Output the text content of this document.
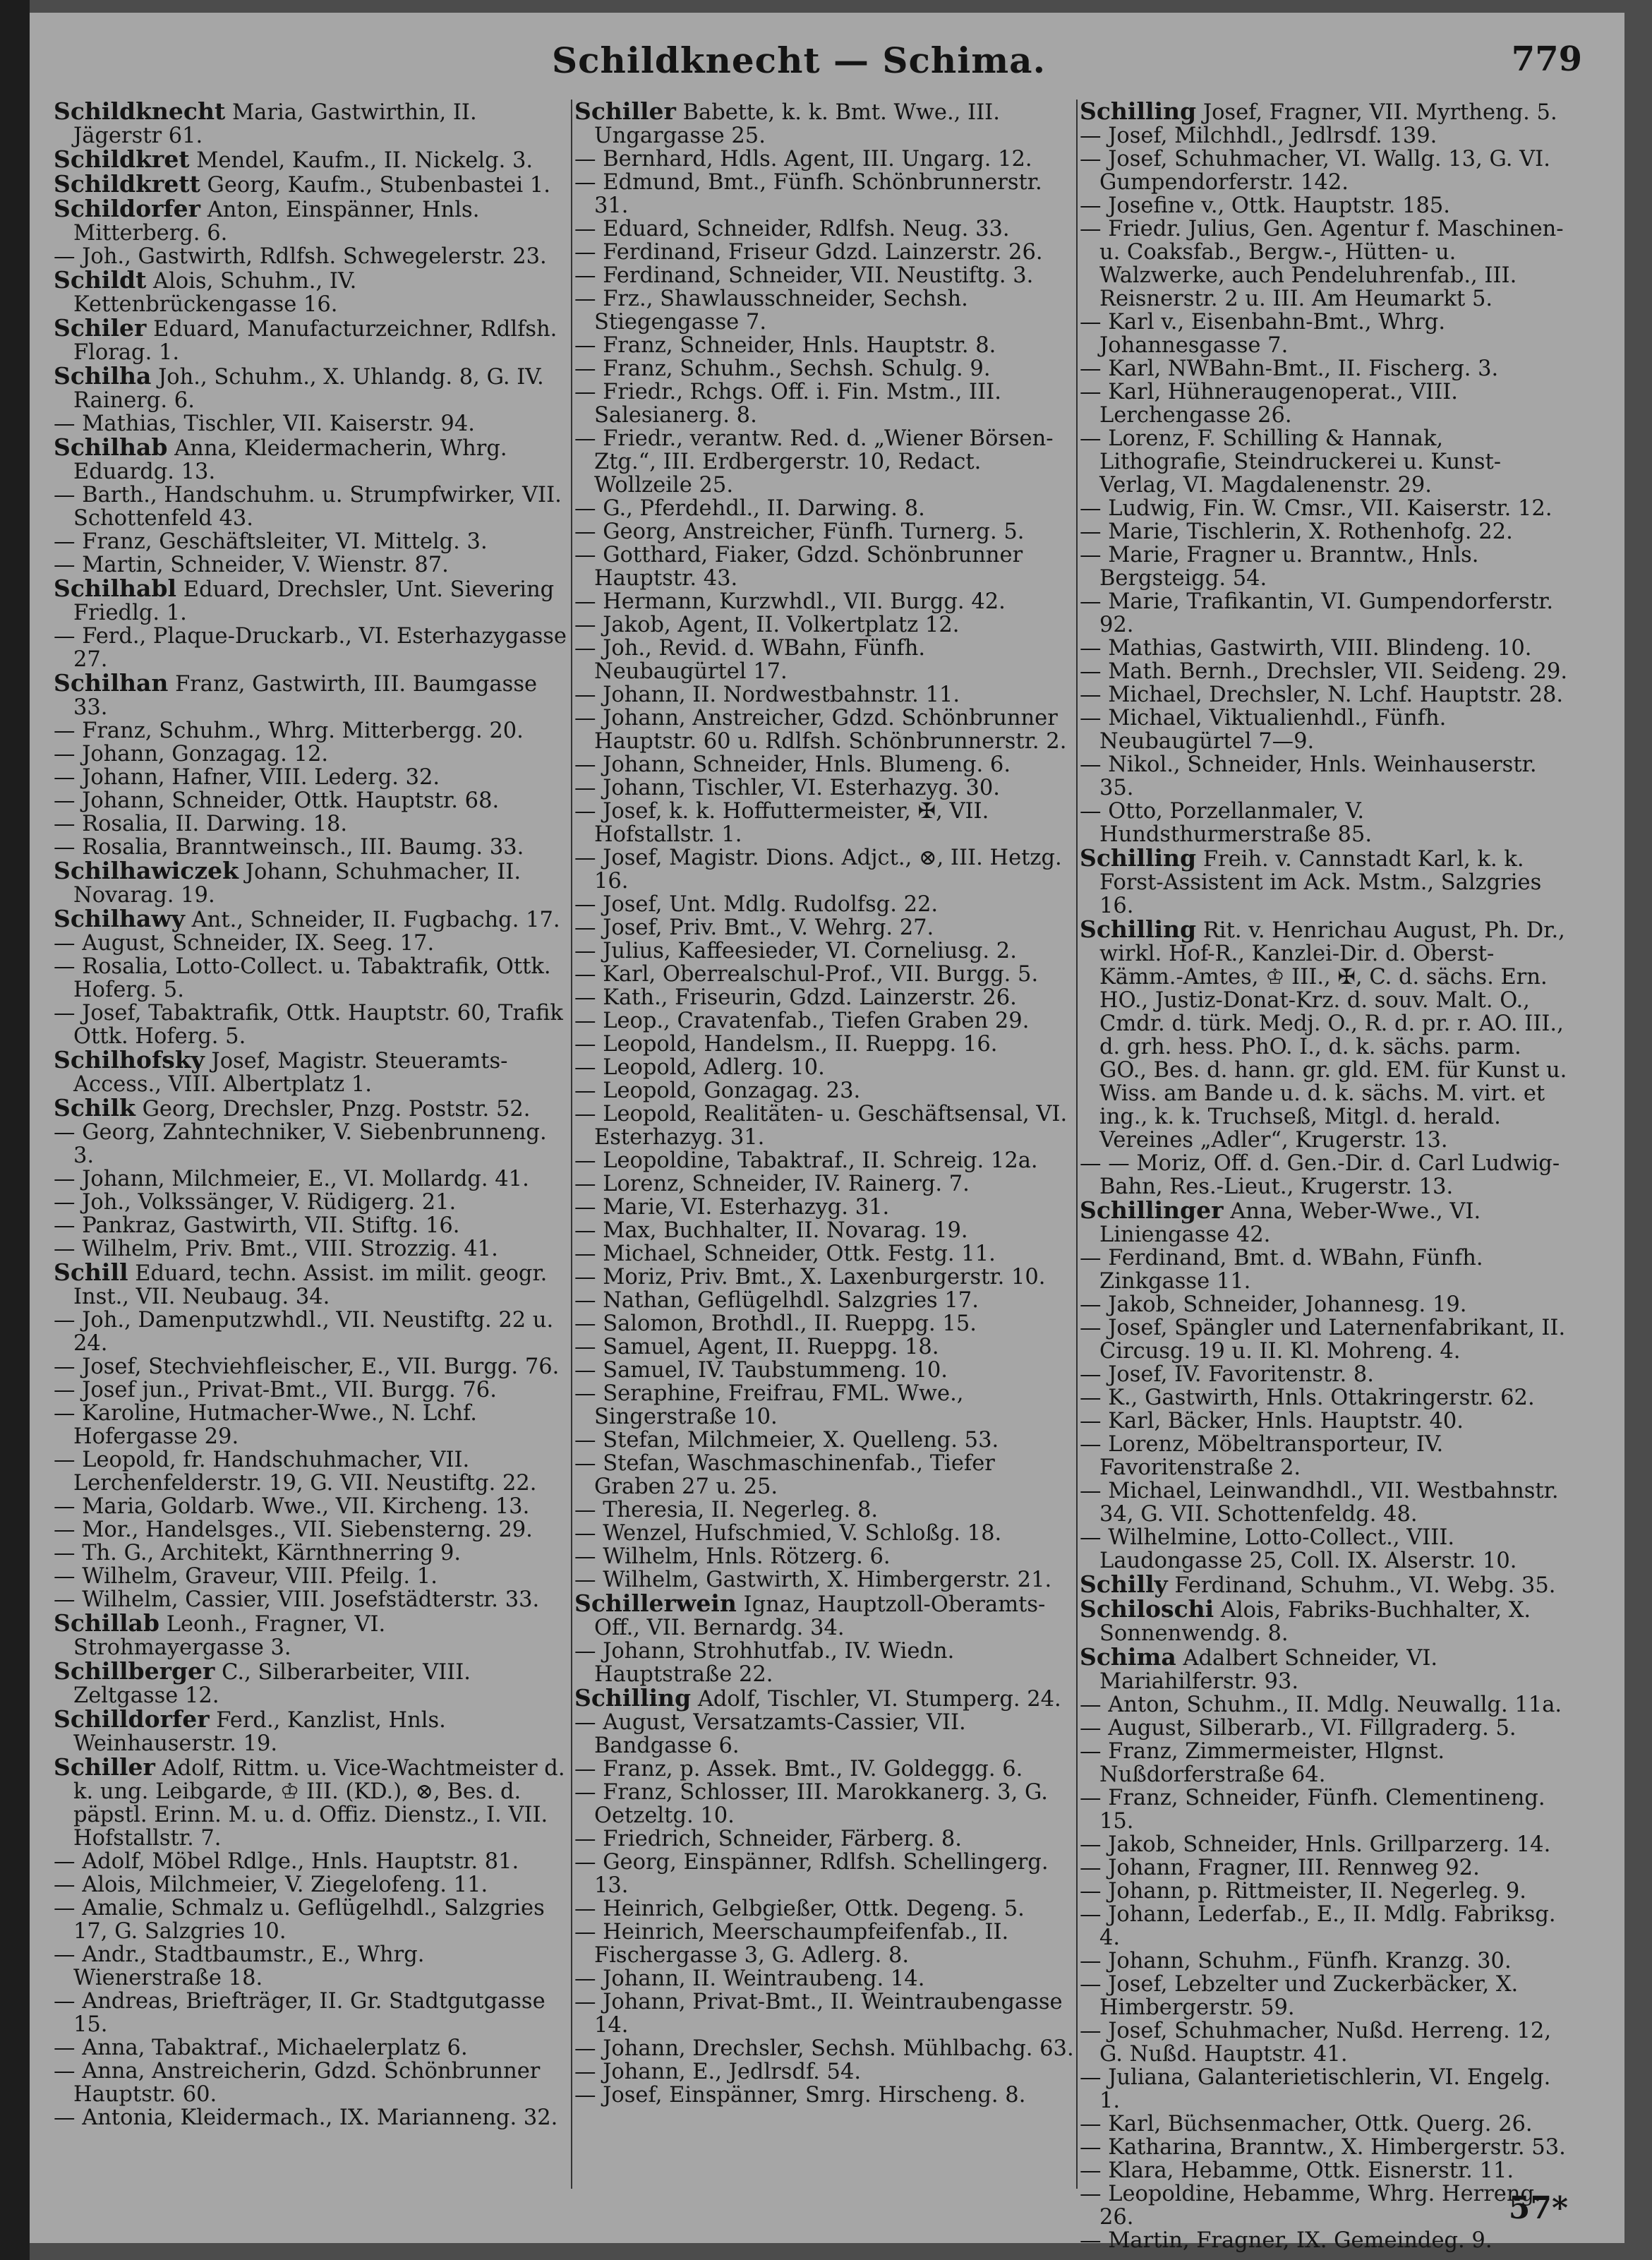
Schildknecht — Schima.	779
Schildknecht Maria, Gastwirthin, II. Jägerstr 61.
Schildkret Mendel, Kaufm., II. Nickelg. 3.
Schildkrett Georg, Kaufm., Stubenbastei 1.
Schildorfer Anton, Einspänner, Hnls. Mitterberg. 6.
— Joh., Gastwirth, Rdlfsh. Schwegelerstr. 23.
Schildt Alois, Schuhm., IV. Kettenbrückengasse 16.
Schiler Eduard, Manufacturzeichner, Rdlfsh. Florag. 1.
Schilha Joh., Schuhm., X. Uhlandg. 8, G. IV. Rainerg. 6.
— Mathias, Tischler, VII. Kaiserstr. 94.
Schilhab Anna, Kleidermacherin, Whrg. Eduardg. 13.
— Barth., Handschuhm. u. Strumpfwirker, VII. Schottenfeld 43.
— Franz, Geschäftsleiter, VI. Mittelg. 3.
— Martin, Schneider, V. Wienstr. 87.
Schilhabl Eduard, Drechsler, Unt. Sievering Friedlg. 1.
— Ferd., Plaque-Druckarb., VI. Esterhazygasse 27.
Schilhan Franz, Gastwirth, III. Baumgasse 33.
— Franz, Schuhm., Whrg. Mitterbergg. 20.
— Johann, Gonzagag. 12.
— Johann, Hafner, VIII. Lederg. 32.
— Johann, Schneider, Ottk. Hauptstr. 68.
— Rosalia, II. Darwing. 18.
— Rosalia, Branntweinsch., III. Baumg. 33.
Schilhawiczek Johann, Schuhmacher, II. Novarag. 19.
Schilhawy Ant., Schneider, II. Fugbachg. 17.
— August, Schneider, IX. Seeg. 17.
— Rosalia, Lotto-Collect. u. Tabaktrafik, Ottk. Hoferg. 5.
— Josef, Tabaktrafik, Ottk. Hauptstr. 60, Trafik Ottk. Hoferg. 5.
Schilhofsky Josef, Magistr. Steueramts-Access., VIII. Albertplatz 1.
Schilk Georg, Drechsler, Pnzg. Poststr. 52.
— Georg, Zahntechniker, V. Siebenbrunneng. 3.
— Johann, Milchmeier, E., VI. Mollardg. 41.
— Joh., Volkssänger, V. Rüdigerg. 21.
— Pankraz, Gastwirth, VII. Stiftg. 16.
— Wilhelm, Priv. Bmt., VIII. Strozzig. 41.
Schill Eduard, techn. Assist. im milit. geogr. Inst., VII. Neubaug. 34.
— Joh., Damenputzwhdl., VII. Neustiftg. 22 u. 24.
— Josef, Stechviehfleischer, E., VII. Burgg. 76.
— Josef jun., Privat-Bmt., VII. Burgg. 76.
— Karoline, Hutmacher-Wwe., N. Lchf. Hofergasse 29.
— Leopold, fr. Handschuhmacher, VII. Lerchenfelderstr. 19, G. VII. Neustiftg. 22.
— Maria, Goldarb. Wwe., VII. Kircheng. 13.
— Mor., Handelsges., VII. Siebensterng. 29.
— Th. G., Architekt, Kärnthnerring 9.
— Wilhelm, Graveur, VIII. Pfeilg. 1.
— Wilhelm, Cassier, VIII. Josefstädterstr. 33.
Schillab Leonh., Fragner, VI. Strohmayergasse 3.
Schillberger C., Silberarbeiter, VIII. Zeltgasse 12.
Schilldorfer Ferd., Kanzlist, Hnls. Weinhauserstr. 19.
Schiller Adolf, Rittm. u. Vice-Wachtmeister d. k. ung. Leibgarde, ♔ III. (KD.), ⊗, Bes. d. päpstl. Erinn. M. u. d. Offiz. Dienstz., I. VII. Hofstallstr. 7.
— Adolf, Möbel Rdlge., Hnls. Hauptstr. 81.
— Alois, Milchmeier, V. Ziegelofeng. 11.
— Amalie, Schmalz u. Geflügelhdl., Salzgries 17, G. Salzgries 10.
— Andr., Stadtbaumstr., E., Whrg. Wienerstraße 18.
— Andreas, Briefträger, II. Gr. Stadtgutgasse 15.
— Anna, Tabaktraf., Michaelerplatz 6.
— Anna, Anstreicherin, Gdzd. Schönbrunner Hauptstr. 60.
— Antonia, Kleidermach., IX. Marianneng. 32.
Schiller Babette, k. k. Bmt. Wwe., III. Ungargasse 25.
— Bernhard, Hdls. Agent, III. Ungarg. 12.
— Edmund, Bmt., Fünfh. Schönbrunnerstr. 31.
— Eduard, Schneider, Rdlfsh. Neug. 33.
— Ferdinand, Friseur Gdzd. Lainzerstr. 26.
— Ferdinand, Schneider, VII. Neustiftg. 3.
— Frz., Shawlausschneider, Sechsh. Stiegengasse 7.
— Franz, Schneider, Hnls. Hauptstr. 8.
— Franz, Schuhm., Sechsh. Schulg. 9.
— Friedr., Rchgs. Off. i. Fin. Mstm., III. Salesianerg. 8.
— Friedr., verantw. Red. d. „Wiener Börsen-Ztg.“, III. Erdbergerstr. 10, Redact. Wollzeile 25.
— G., Pferdehdl., II. Darwing. 8.
— Georg, Anstreicher, Fünfh. Turnerg. 5.
— Gotthard, Fiaker, Gdzd. Schönbrunner Hauptstr. 43.
— Hermann, Kurzwhdl., VII. Burgg. 42.
— Jakob, Agent, II. Volkertplatz 12.
— Joh., Revid. d. WBahn, Fünfh. Neubaugürtel 17.
— Johann, II. Nordwestbahnstr. 11.
— Johann, Anstreicher, Gdzd. Schönbrunner Hauptstr. 60 u. Rdlfsh. Schönbrunnerstr. 2.
— Johann, Schneider, Hnls. Blumeng. 6.
— Johann, Tischler, VI. Esterhazyg. 30.
— Josef, k. k. Hoffuttermeister, ✠, VII. Hofstallstr. 1.
— Josef, Magistr. Dions. Adjct., ⊗, III. Hetzg. 16.
— Josef, Unt. Mdlg. Rudolfsg. 22.
— Josef, Priv. Bmt., V. Wehrg. 27.
— Julius, Kaffeesieder, VI. Corneliusg. 2.
— Karl, Oberrealschul-Prof., VII. Burgg. 5.
— Kath., Friseurin, Gdzd. Lainzerstr. 26.
— Leop., Cravatenfab., Tiefen Graben 29.
— Leopold, Handelsm., II. Rueppg. 16.
— Leopold, Adlerg. 10.
— Leopold, Gonzagag. 23.
— Leopold, Realitäten- u. Geschäftsensal, VI. Esterhazyg. 31.
— Leopoldine, Tabaktraf., II. Schreig. 12a.
— Lorenz, Schneider, IV. Rainerg. 7.
— Marie, VI. Esterhazyg. 31.
— Max, Buchhalter, II. Novarag. 19.
— Michael, Schneider, Ottk. Festg. 11.
— Moriz, Priv. Bmt., X. Laxenburgerstr. 10.
— Nathan, Geflügelhdl. Salzgries 17.
— Salomon, Brothdl., II. Rueppg. 15.
— Samuel, Agent, II. Rueppg. 18.
— Samuel, IV. Taubstummeng. 10.
— Seraphine, Freifrau, FML. Wwe., Singerstraße 10.
— Stefan, Milchmeier, X. Quelleng. 53.
— Stefan, Waschmaschinenfab., Tiefer Graben 27 u. 25.
— Theresia, II. Negerleg. 8.
— Wenzel, Hufschmied, V. Schloßg. 18.
— Wilhelm, Hnls. Rötzerg. 6.
— Wilhelm, Gastwirth, X. Himbergerstr. 21.
Schillerwein Ignaz, Hauptzoll-Oberamts-Off., VII. Bernardg. 34.
— Johann, Strohhutfab., IV. Wiedn. Hauptstraße 22.
Schilling Adolf, Tischler, VI. Stumperg. 24.
— August, Versatzamts-Cassier, VII. Bandgasse 6.
— Franz, p. Assek. Bmt., IV. Goldeggg. 6.
— Franz, Schlosser, III. Marokkanerg. 3, G. Oetzeltg. 10.
— Friedrich, Schneider, Färberg. 8.
— Georg, Einspänner, Rdlfsh. Schellingerg. 13.
— Heinrich, Gelbgießer, Ottk. Degeng. 5.
— Heinrich, Meerschaumpfeifenfab., II. Fischergasse 3, G. Adlerg. 8.
— Johann, II. Weintraubeng. 14.
— Johann, Privat-Bmt., II. Weintraubengasse 14.
— Johann, Drechsler, Sechsh. Mühlbachg. 63.
— Johann, E., Jedlrsdf. 54.
— Josef, Einspänner, Smrg. Hirscheng. 8.
Schilling Josef, Fragner, VII. Myrtheng. 5.
— Josef, Milchhdl., Jedlrsdf. 139.
— Josef, Schuhmacher, VI. Wallg. 13, G. VI. Gumpendorferstr. 142.
— Josefine v., Ottk. Hauptstr. 185.
— Friedr. Julius, Gen. Agentur f. Maschinen- u. Coaksfab., Bergw.-, Hütten- u. Walzwerke, auch Pendeluhrenfab., III. Reisnerstr. 2 u. III. Am Heumarkt 5.
— Karl v., Eisenbahn-Bmt., Whrg. Johannesgasse 7.
— Karl, NWBahn-Bmt., II. Fischerg. 3.
— Karl, Hühneraugenoperat., VIII. Lerchengasse 26.
— Lorenz, F. Schilling & Hannak, Lithografie, Steindruckerei u. Kunst-Verlag, VI. Magdalenenstr. 29.
— Ludwig, Fin. W. Cmsr., VII. Kaiserstr. 12.
— Marie, Tischlerin, X. Rothenhofg. 22.
— Marie, Fragner u. Branntw., Hnls. Bergsteigg. 54.
— Marie, Trafikantin, VI. Gumpendorferstr. 92.
— Mathias, Gastwirth, VIII. Blindeng. 10.
— Math. Bernh., Drechsler, VII. Seideng. 29.
— Michael, Drechsler, N. Lchf. Hauptstr. 28.
— Michael, Viktualienhdl., Fünfh. Neubaugürtel 7—9.
— Nikol., Schneider, Hnls. Weinhauserstr. 35.
— Otto, Porzellanmaler, V. Hundsthurmerstraße 85.
Schilling Freih. v. Cannstadt Karl, k. k. Forst-Assistent im Ack. Mstm., Salzgries 16.
Schilling Rit. v. Henrichau August, Ph. Dr., wirkl. Hof-R., Kanzlei-Dir. d. Oberst-Kämm.-Amtes, ♔ III., ✠, C. d. sächs. Ern. HO., Justiz-Donat-Krz. d. souv. Malt. O., Cmdr. d. türk. Medj. O., R. d. pr. r. AO. III., d. grh. hess. PhO. I., d. k. sächs. parm. GO., Bes. d. hann. gr. gld. EM. für Kunst u. Wiss. am Bande u. d. k. sächs. M. virt. et ing., k. k. Truchseß, Mitgl. d. herald. Vereines „Adler“, Krugerstr. 13.
— — Moriz, Off. d. Gen.-Dir. d. Carl Ludwig-Bahn, Res.-Lieut., Krugerstr. 13.
Schillinger Anna, Weber-Wwe., VI. Liniengasse 42.
— Ferdinand, Bmt. d. WBahn, Fünfh. Zinkgasse 11.
— Jakob, Schneider, Johannesg. 19.
— Josef, Spängler und Laternenfabrikant, II. Circusg. 19 u. II. Kl. Mohreng. 4.
— Josef, IV. Favoritenstr. 8.
— K., Gastwirth, Hnls. Ottakringerstr. 62.
— Karl, Bäcker, Hnls. Hauptstr. 40.
— Lorenz, Möbeltransporteur, IV. Favoritenstraße 2.
— Michael, Leinwandhdl., VII. Westbahnstr. 34, G. VII. Schottenfeldg. 48.
— Wilhelmine, Lotto-Collect., VIII. Laudongasse 25, Coll. IX. Alserstr. 10.
Schilly Ferdinand, Schuhm., VI. Webg. 35.
Schiloschi Alois, Fabriks-Buchhalter, X. Sonnenwendg. 8.
Schima Adalbert Schneider, VI. Mariahilferstr. 93.
— Anton, Schuhm., II. Mdlg. Neuwallg. 11a.
— August, Silberarb., VI. Fillgraderg. 5.
— Franz, Zimmermeister, Hlgnst. Nußdorferstraße 64.
— Franz, Schneider, Fünfh. Clementineng. 15.
— Jakob, Schneider, Hnls. Grillparzerg. 14.
— Johann, Fragner, III. Rennweg 92.
— Johann, p. Rittmeister, II. Negerleg. 9.
— Johann, Lederfab., E., II. Mdlg. Fabriksg. 4.
— Johann, Schuhm., Fünfh. Kranzg. 30.
— Josef, Lebzelter und Zuckerbäcker, X. Himbergerstr. 59.
— Josef, Schuhmacher, Nußd. Herreng. 12, G. Nußd. Hauptstr. 41.
— Juliana, Galanterietischlerin, VI. Engelg. 1.
— Karl, Büchsenmacher, Ottk. Querg. 26.
— Katharina, Branntw., X. Himbergerstr. 53.
— Klara, Hebamme, Ottk. Eisnerstr. 11.
— Leopoldine, Hebamme, Whrg. Herreng. 26.
— Martin, Fragner, IX. Gemeindeg. 9.
57*
